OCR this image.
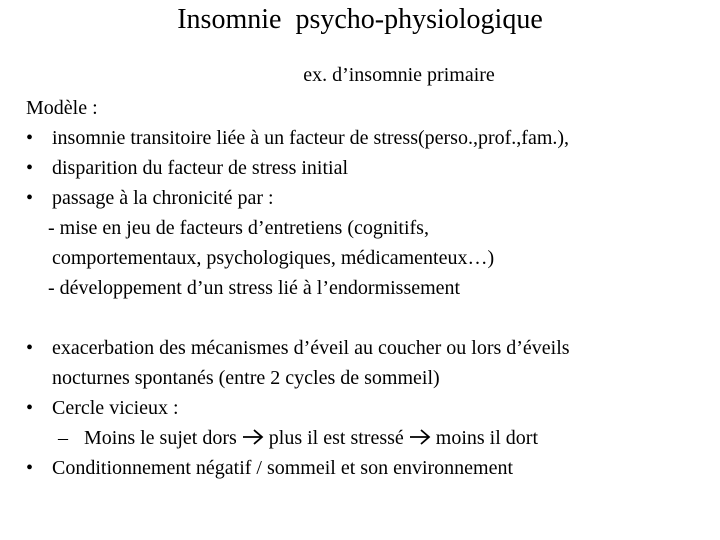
Insomnie  psycho-physiologique
ex. d’insomnie primaire
Modèle :
• insomnie transitoire liée à un facteur de stress(perso.,prof.,fam.),
• disparition du facteur de stress initial
• passage à la chronicité par :
- mise en jeu de facteurs d’entretiens (cognitifs,
comportementaux, psychologiques, médicamenteux…)
- développement d’un stress lié à l’endormissement
• exacerbation des mécanismes d’éveil au coucher ou lors d’éveils
nocturnes spontanés (entre 2 cycles de sommeil)
• Cercle vicieux :
– Moins le sujet dors plus il est stressé moins il dort
• Conditionnement négatif / sommeil et son environnement
